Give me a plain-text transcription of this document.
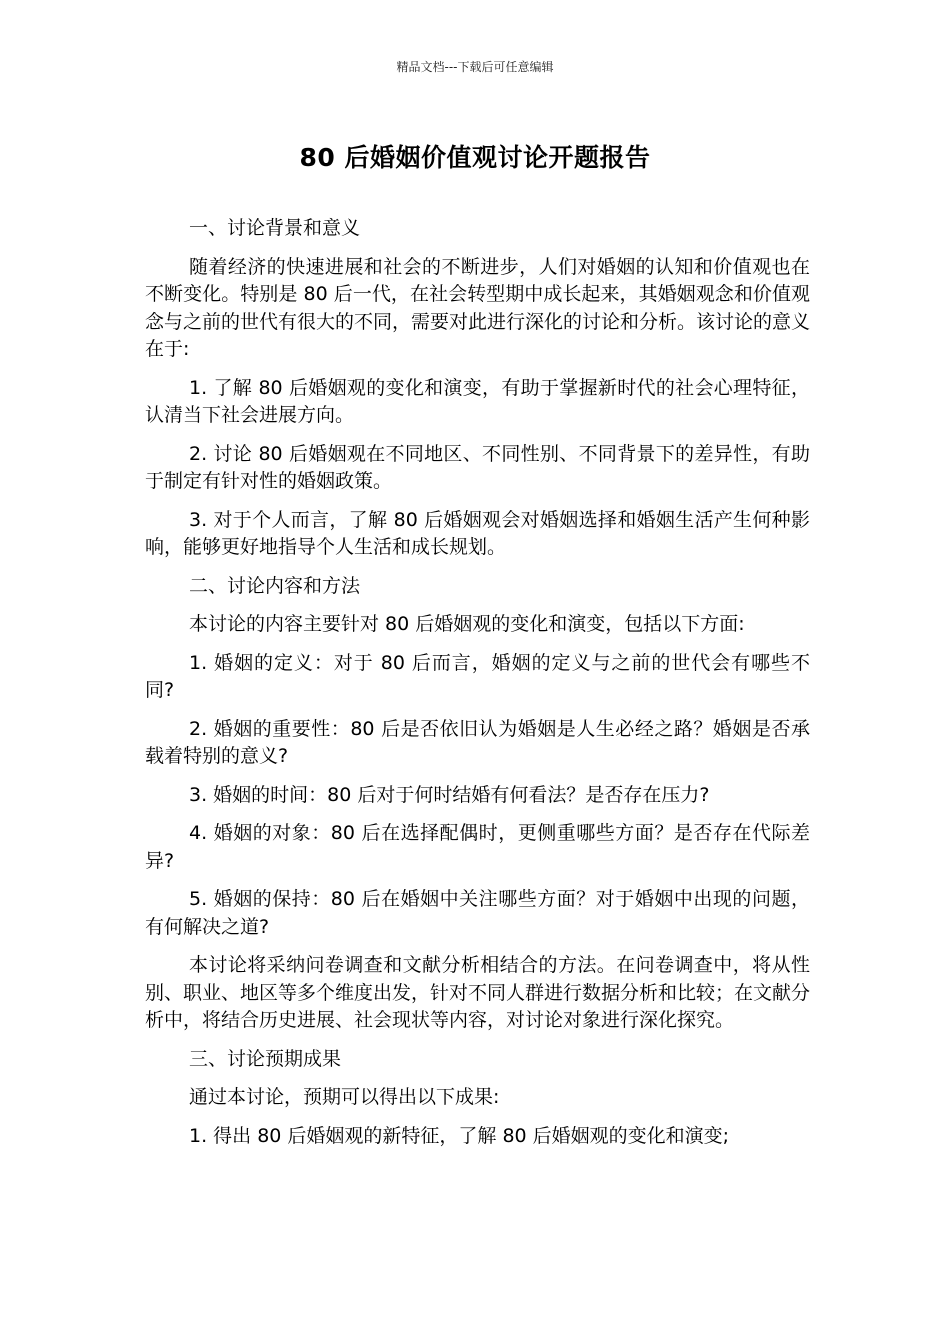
精品文档---下载后可任意编辑
80 后婚姻价值观讨论开题报告

一、讨论背景和意义

随着经济的快速进展和社会的不断进步，人们对婚姻的认知和价值观也在不断变化。特别是 80 后一代，在社会转型期中成长起来，其婚姻观念和价值观念与之前的世代有很大的不同，需要对此进行深化的讨论和分析。该讨论的意义在于:

1. 了解 80 后婚姻观的变化和演变，有助于掌握新时代的社会心理特征，认清当下社会进展方向。

2. 讨论 80 后婚姻观在不同地区、不同性别、不同背景下的差异性，有助于制定有针对性的婚姻政策。

3. 对于个人而言，了解 80 后婚姻观会对婚姻选择和婚姻生活产生何种影响，能够更好地指导个人生活和成长规划。

二、讨论内容和方法

本讨论的内容主要针对 80 后婚姻观的变化和演变，包括以下方面:

1. 婚姻的定义：对于 80 后而言，婚姻的定义与之前的世代会有哪些不同?

2. 婚姻的重要性：80 后是否依旧认为婚姻是人生必经之路？婚姻是否承载着特别的意义?

3. 婚姻的时间：80 后对于何时结婚有何看法？是否存在压力?

4. 婚姻的对象：80 后在选择配偶时，更侧重哪些方面？是否存在代际差异?

5. 婚姻的保持：80 后在婚姻中关注哪些方面？对于婚姻中出现的问题，有何解决之道?

本讨论将采纳问卷调查和文献分析相结合的方法。在问卷调查中，将从性别、职业、地区等多个维度出发，针对不同人群进行数据分析和比较；在文献分析中，将结合历史进展、社会现状等内容，对讨论对象进行深化探究。

三、讨论预期成果

通过本讨论，预期可以得出以下成果:

1. 得出 80 后婚姻观的新特征，了解 80 后婚姻观的变化和演变;
